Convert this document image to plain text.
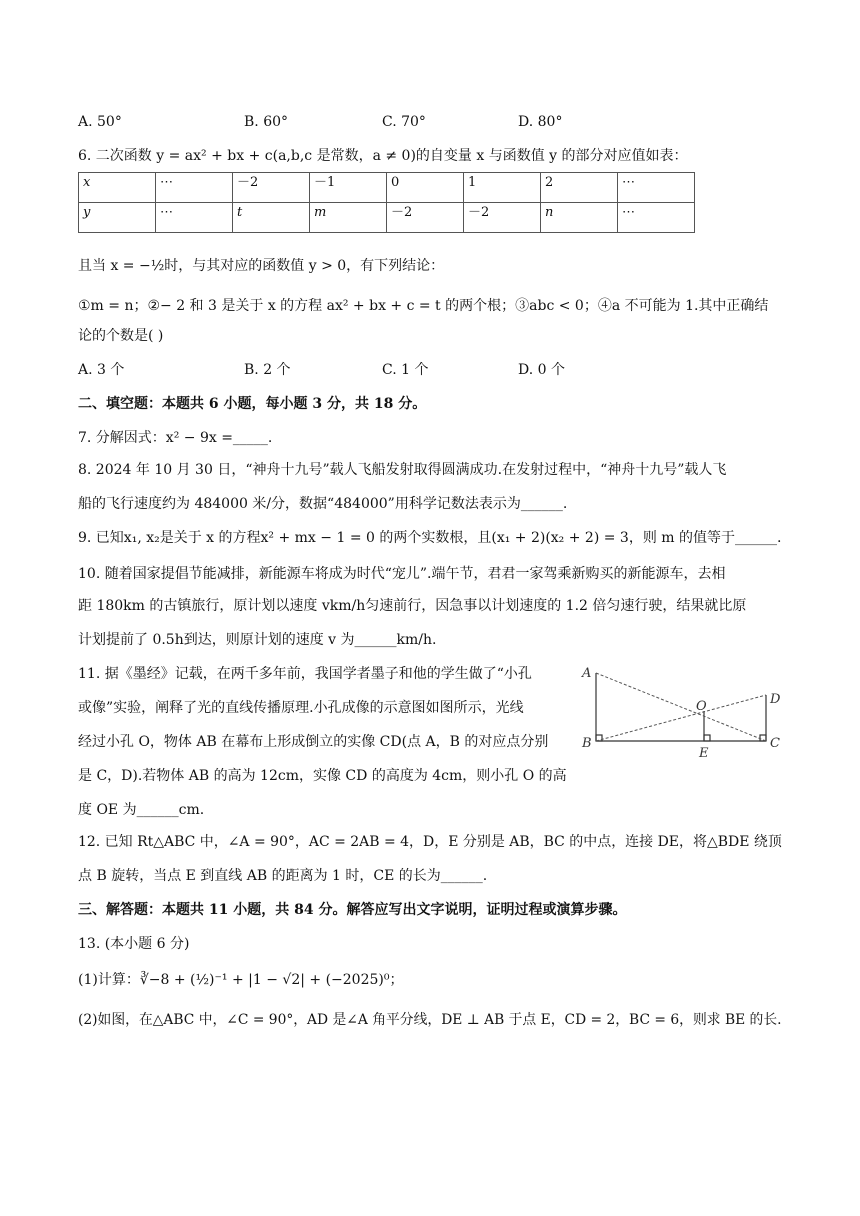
A. 50°	B. 60°	C. 70°	D. 80°
6. 二次函数 y = ax² + bx + c(a,b,c 是常数，a ≠ 0)的自变量 x 与函数值 y 的部分对应值如表：
x	⋯	－2	－1	0	1	2	⋯
y	⋯	t	m	－2	－2	n	⋯
且当 x = −½时，与其对应的函数值 y > 0，有下列结论：
①m = n；②− 2 和 3 是关于 x 的方程 ax² + bx + c = t 的两个根；③abc < 0；④a 不可能为 1.其中正确结
论的个数是( )
A. 3 个	B. 2 个	C. 1 个	D. 0 个
二、填空题：本题共 6 小题，每小题 3 分，共 18 分。
7. 分解因式：x² − 9x =_____.
8. 2024 年 10 月 30 日，“神舟十九号”载人飞船发射取得圆满成功.在发射过程中，“神舟十九号”载人飞
船的飞行速度约为 484000 米/分，数据“484000”用科学记数法表示为______.
9. 已知x₁, x₂是关于 x 的方程x² + mx − 1 = 0 的两个实数根，且(x₁ + 2)(x₂ + 2) = 3，则 m 的值等于______.
10. 随着国家提倡节能减排，新能源车将成为时代“宠儿”.端午节，君君一家驾乘新购买的新能源车，去相
距 180km 的古镇旅行，原计划以速度 vkm/h匀速前行，因急事以计划速度的 1.2 倍匀速行驶，结果就比原
计划提前了 0.5h到达，则原计划的速度 v 为______km/h.
11. 据《墨经》记载，在两千多年前，我国学者墨子和他的学生做了“小孔
或像”实验，阐释了光的直线传播原理.小孔成像的示意图如图所示，光线
经过小孔 O，物体 AB 在幕布上形成倒立的实像 CD(点 A，B 的对应点分别
是 C，D).若物体 AB 的高为 12cm，实像 CD 的高度为 4cm，则小孔 O 的高
度 OE 为______cm.
A
B
O	D
E
C
12. 已知 Rt△ABC 中，∠A = 90°，AC = 2AB = 4，D，E 分别是 AB，BC 的中点，连接 DE，将△BDE 绕顶
点 B 旋转，当点 E 到直线 AB 的距离为 1 时，CE 的长为______.
三、解答题：本题共 11 小题，共 84 分。解答应写出文字说明，证明过程或演算步骤。
13. (本小题 6 分)
(1)计算：∛−8 + (½)⁻¹ + |1 − √2| + (−2025)⁰；
(2)如图，在△ABC 中，∠C = 90°，AD 是∠A 角平分线，DE ⊥ AB 于点 E，CD = 2，BC = 6，则求 BE 的长.
